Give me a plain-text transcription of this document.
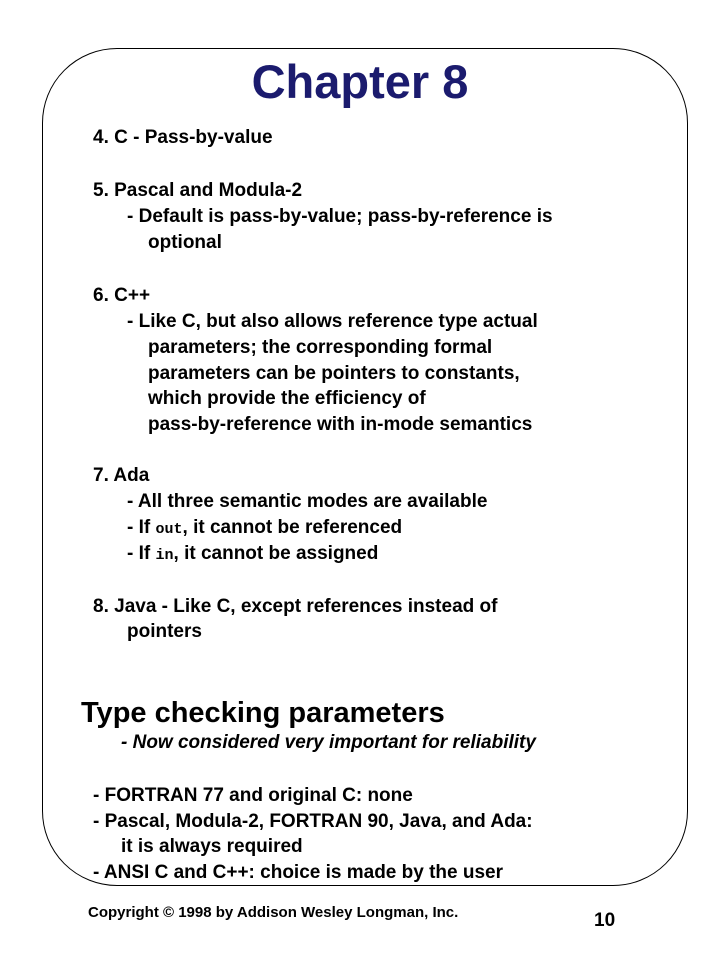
Chapter 8

4. C - Pass-by-value

5. Pascal and Modula-2

- Default is pass-by-value; pass-by-reference is

optional

6. C++

- Like C, but also allows reference type actual

parameters; the corresponding formal

parameters can be pointers to constants,

which provide the efficiency of

pass-by-reference with in-mode semantics

7. Ada

- All three semantic modes are available

- If out, it cannot be referenced

- If in, it cannot be assigned

8. Java - Like C, except references instead of

pointers

Type checking parameters

- Now considered very important for reliability

- FORTRAN 77 and original C: none

- Pascal, Modula-2, FORTRAN 90, Java, and Ada:

it is always required

- ANSI C and C++: choice is made by the user

Copyright © 1998 by Addison Wesley Longman, Inc.	10
